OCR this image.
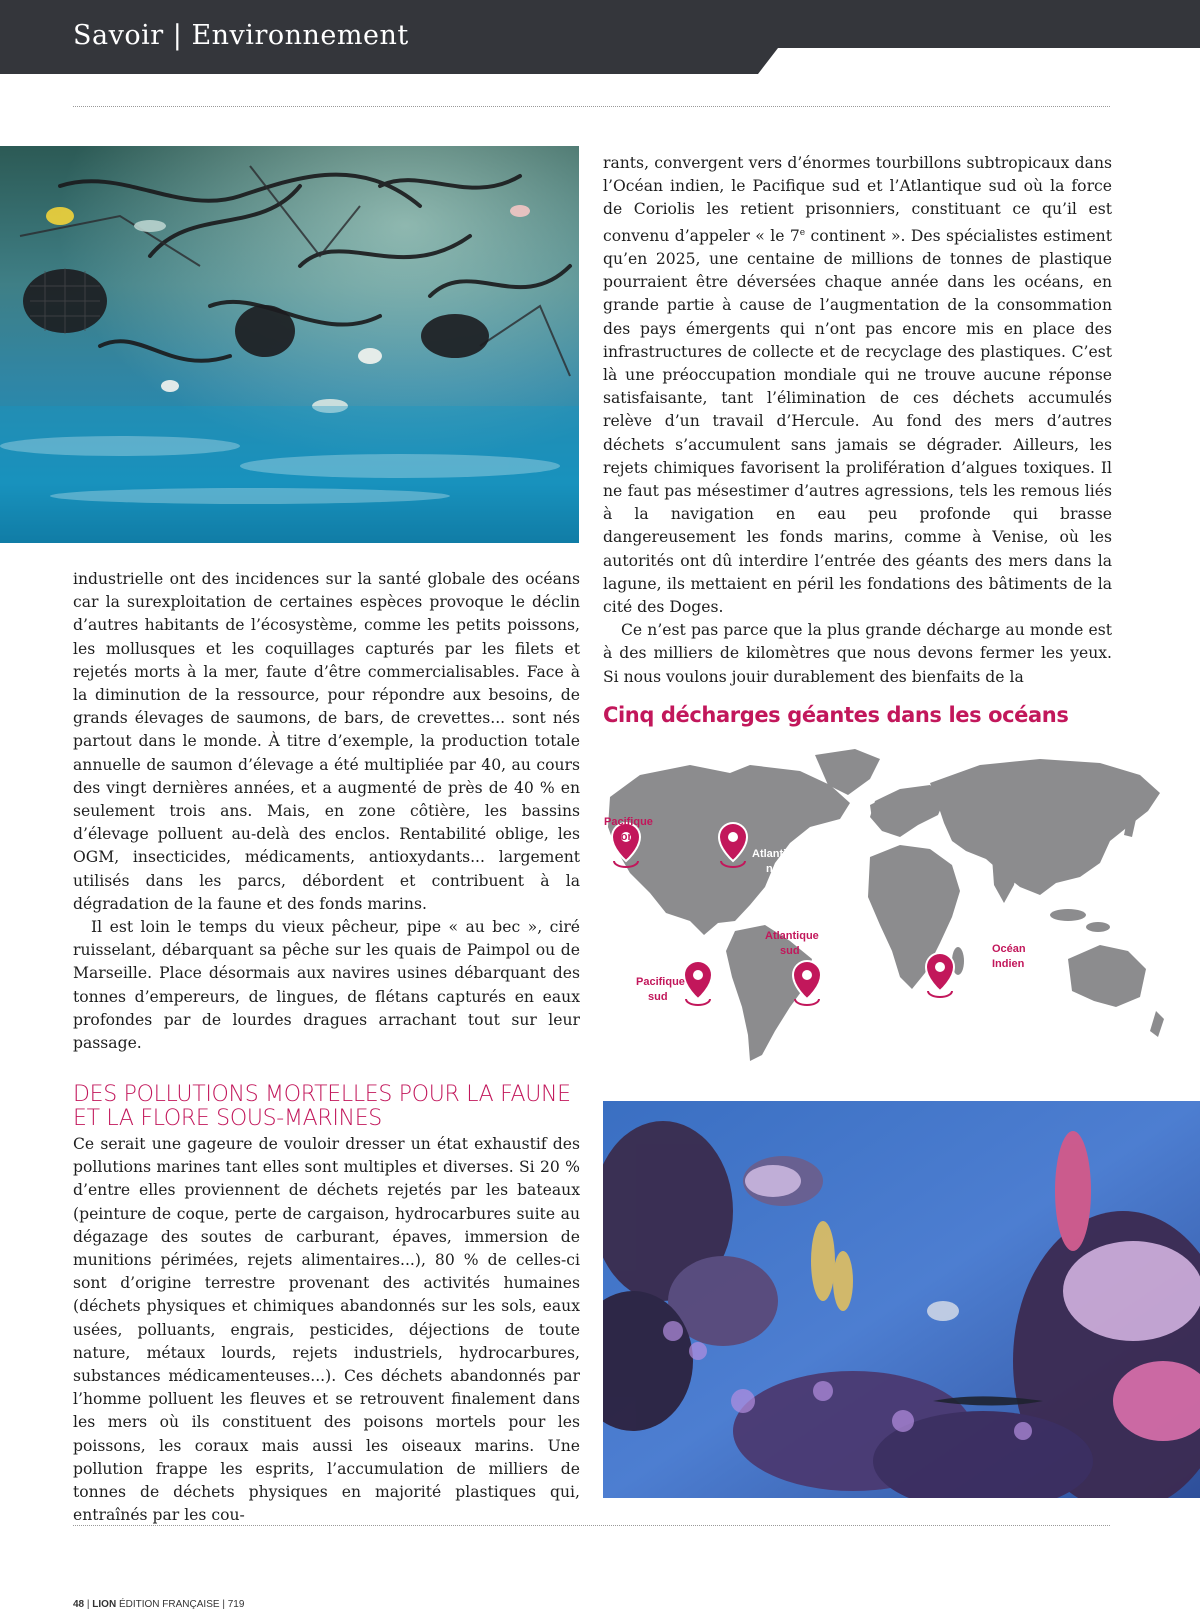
Savoir | Environnement

industrielle ont des incidences sur la santé globale des océans car la surexploitation de certaines espèces provoque le déclin d’autres habitants de l’écosystème, comme les petits poissons, les mollusques et les coquillages capturés par les filets et rejetés morts à la mer, faute d’être commercialisables. Face à la diminution de la ressource, pour répondre aux besoins, de grands élevages de saumons, de bars, de crevettes... sont nés partout dans le monde. À titre d’exemple, la production totale annuelle de saumon d’élevage a été multipliée par 40, au cours des vingt dernières années, et a augmenté de près de 40 % en seulement trois ans. Mais, en zone côtière, les bassins d’élevage polluent au-delà des enclos. Rentabilité oblige, les OGM, insecticides, médicaments, antioxydants... largement utilisés dans les parcs, débordent et contribuent à la dégradation de la faune et des fonds marins.

Il est loin le temps du vieux pêcheur, pipe « au bec », ciré ruisselant, débarquant sa pêche sur les quais de Paimpol ou de Marseille. Place désormais aux navires usines débarquant des tonnes d’empereurs, de lingues, de flétans capturés en eaux profondes par de lourdes dragues arrachant tout sur leur passage.

DES POLLUTIONS MORTELLES POUR LA FAUNE ET LA FLORE SOUS-MARINES

Ce serait une gageure de vouloir dresser un état exhaustif des pollutions marines tant elles sont multiples et diverses. Si 20 % d’entre elles proviennent de déchets rejetés par les bateaux (peinture de coque, perte de cargaison, hydrocarbures suite au dégazage des soutes de carburant, épaves, immersion de munitions périmées, rejets alimentaires...), 80 % de celles-ci sont d’origine terrestre provenant des activités humaines (déchets physiques et chimiques abandonnés sur les sols, eaux usées, polluants, engrais, pesticides, déjections de toute nature, métaux lourds, rejets industriels, hydrocarbures, substances médicamenteuses...). Ces déchets abandonnés par l’homme polluent les fleuves et se retrouvent finalement dans les mers où ils constituent des poisons mortels pour les poissons, les coraux mais aussi les oiseaux marins. Une pollution frappe les esprits, l’accumulation de milliers de tonnes de déchets physiques en majorité plastiques qui, entraînés par les cou-

rants, convergent vers d’énormes tourbillons subtropicaux dans l’Océan indien, le Pacifique sud et l’Atlantique sud où la force de Coriolis les retient prisonniers, constituant ce qu’il est convenu d’appeler « le 7e continent ». Des spécialistes estiment qu’en 2025, une centaine de millions de tonnes de plastique pourraient être déversées chaque année dans les océans, en grande partie à cause de l’augmentation de la consommation des pays émergents qui n’ont pas encore mis en place des infrastructures de collecte et de recyclage des plastiques. C’est là une préoccupation mondiale qui ne trouve aucune réponse satisfaisante, tant l’élimination de ces déchets accumulés relève d’un travail d’Hercule. Au fond des mers d’autres déchets s’accumulent sans jamais se dégrader. Ailleurs, les rejets chimiques favorisent la prolifération d’algues toxiques. Il ne faut pas mésestimer d’autres agressions, tels les remous liés à la navigation en eau peu profonde qui brasse dangereusement les fonds marins, comme à Venise, où les autorités ont dû interdire l’entrée des géants des mers dans la lagune, ils mettaient en péril les fondations des bâtiments de la cité des Doges.

Ce n’est pas parce que la plus grande décharge au monde est à des milliers de kilomètres que nous devons fermer les yeux. Si nous voulons jouir durablement des bienfaits de la

Cinq décharges géantes dans les océans
Pacifique nord
Atlantique nord
Atlantique sud
Pacifique sud
Océan Indien
48 | LION ÉDITION FRANÇAISE | 719
